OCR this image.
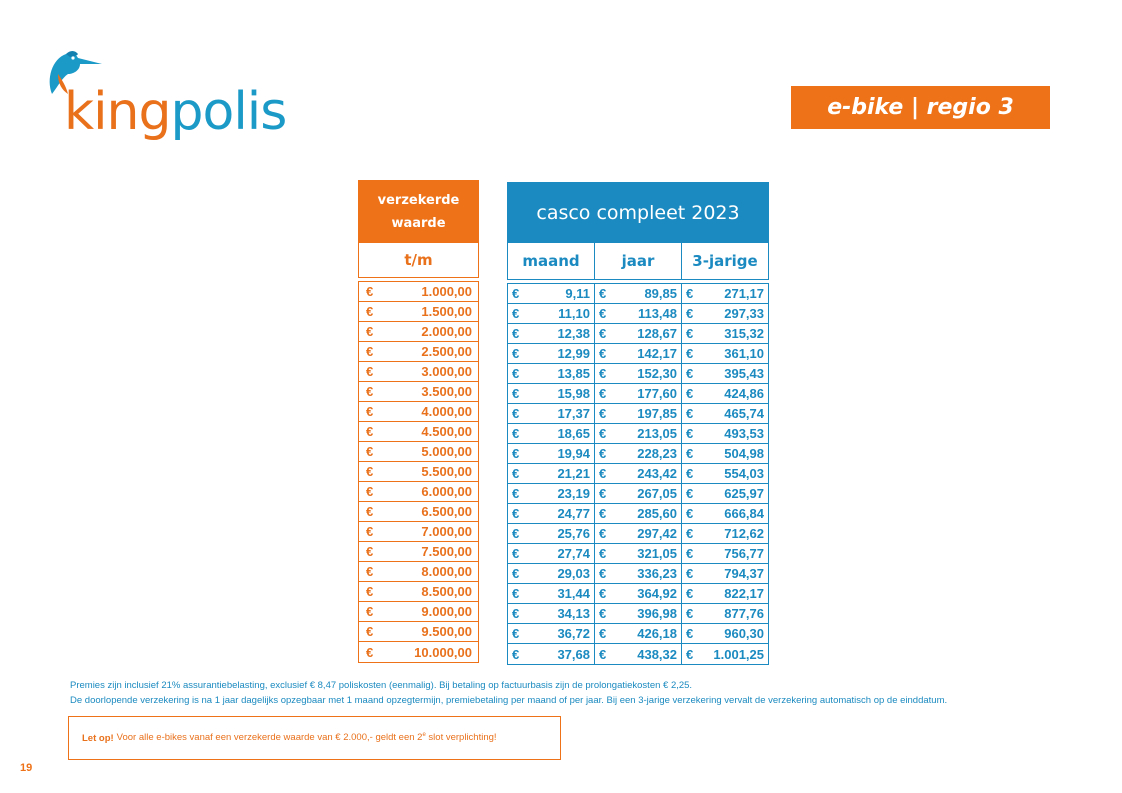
kingpolis	e-bike | regio 3
verzekerde
waarde
t/m
€	1.000,00
€	1.500,00
€	2.000,00
€	2.500,00
€	3.000,00
€	3.500,00
€	4.000,00
€	4.500,00
€	5.000,00
€	5.500,00
€	6.000,00
€	6.500,00
€	7.000,00
€	7.500,00
€	8.000,00
€	8.500,00
€	9.000,00
€	9.500,00
€	10.000,00
casco compleet 2023
maand	jaar	3-jarige
€	9,11 €	89,85 € 271,17
€	11,10 € 113,48 € 297,33
€	12,38 € 128,67 € 315,32
€	12,99 € 142,17 € 361,10
€	13,85 € 152,30 € 395,43
€	15,98 € 177,60 € 424,86
€	17,37 € 197,85 € 465,74
€	18,65 € 213,05 € 493,53
€	19,94 € 228,23 € 504,98
€	21,21 € 243,42 € 554,03
€	23,19 € 267,05 € 625,97
€	24,77 € 285,60 € 666,84
€	25,76 € 297,42 € 712,62
€	27,74 € 321,05 € 756,77
€	29,03 € 336,23 € 794,37
€	31,44 € 364,92 € 822,17
€	34,13 € 396,98 € 877,76
€	36,72 € 426,18 € 960,30
€	37,68 € 438,32 € 1.001,25
Premies zijn inclusief 21% assurantiebelasting, exclusief € 8,47 poliskosten (eenmalig). Bij betaling op factuurbasis zijn de prolongatiekosten € 2,25.
De doorlopende verzekering is na 1 jaar dagelijks opzegbaar met 1 maand opzegtermijn, premiebetaling per maand of per jaar. Bij een 3-jarige verzekering vervalt de verzekering automatisch op de einddatum.
Let op! Voor alle e-bikes vanaf een verzekerde waarde van € 2.000,- geldt een 2e slot verplichting!
19
